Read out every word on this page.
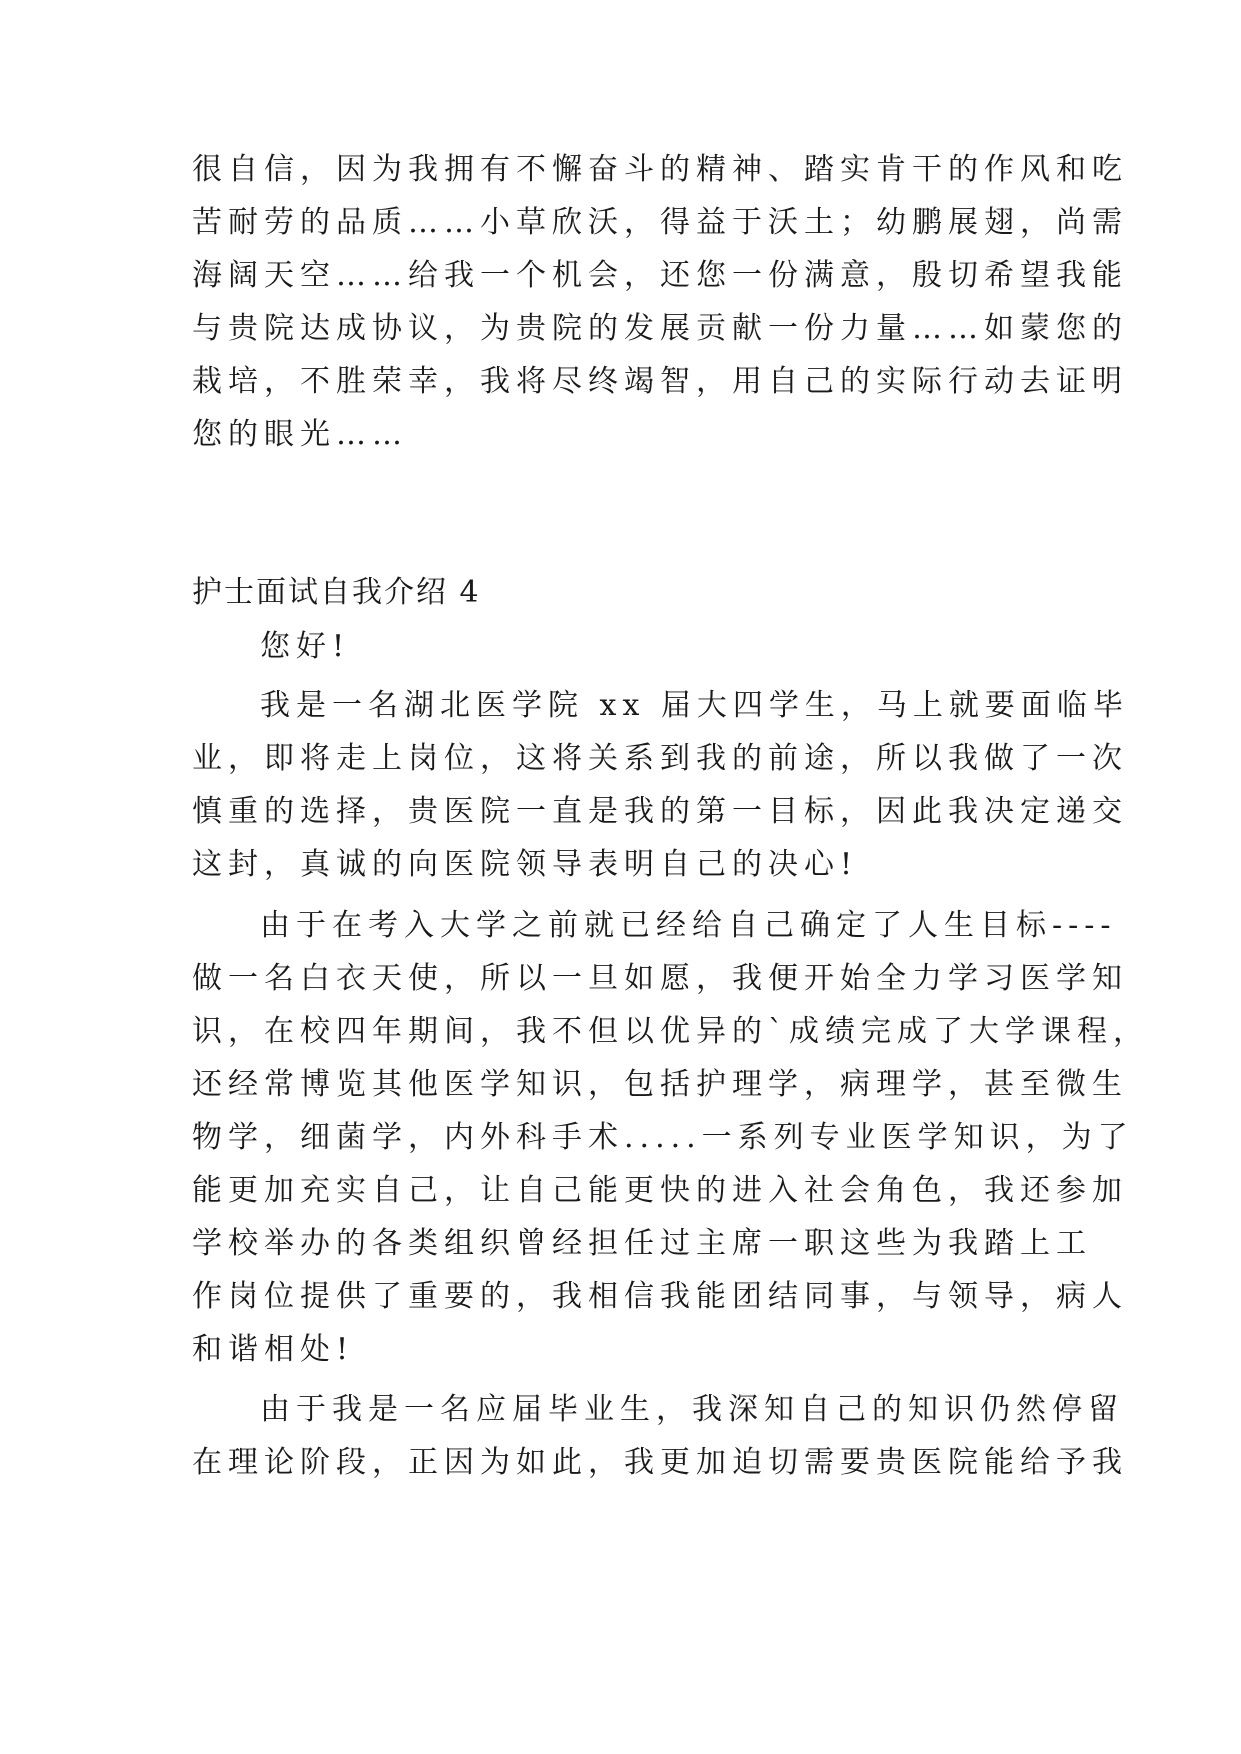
很自信，因为我拥有不懈奋斗的精神、踏实肯干的作风和吃

苦耐劳的品质……小草欣沃，得益于沃土；幼鹏展翅，尚需

海阔天空……给我一个机会，还您一份满意，殷切希望我能

与贵院达成协议，为贵院的发展贡献一份力量……如蒙您的

栽培，不胜荣幸，我将尽终竭智，用自己的实际行动去证明

您的眼光……

护士面试自我介绍 4

您好!

我是一名湖北医学院 xx 届大四学生，马上就要面临毕

业，即将走上岗位，这将关系到我的前途，所以我做了一次

慎重的选择，贵医院一直是我的第一目标，因此我决定递交

这封，真诚的向医院领导表明自己的决心!

由于在考入大学之前就已经给自己确定了人生目标----

做一名白衣天使，所以一旦如愿，我便开始全力学习医学知

识，在校四年期间，我不但以优异的`成绩完成了大学课程，

还经常博览其他医学知识，包括护理学，病理学，甚至微生

物学，细菌学，内外科手术.....一系列专业医学知识，为了

能更加充实自己，让自己能更快的进入社会角色，我还参加

学校举办的各类组织曾经担任过主席一职这些为我踏上工

作岗位提供了重要的，我相信我能团结同事，与领导，病人

和谐相处!

由于我是一名应届毕业生，我深知自己的知识仍然停留

在理论阶段，正因为如此，我更加迫切需要贵医院能给予我
